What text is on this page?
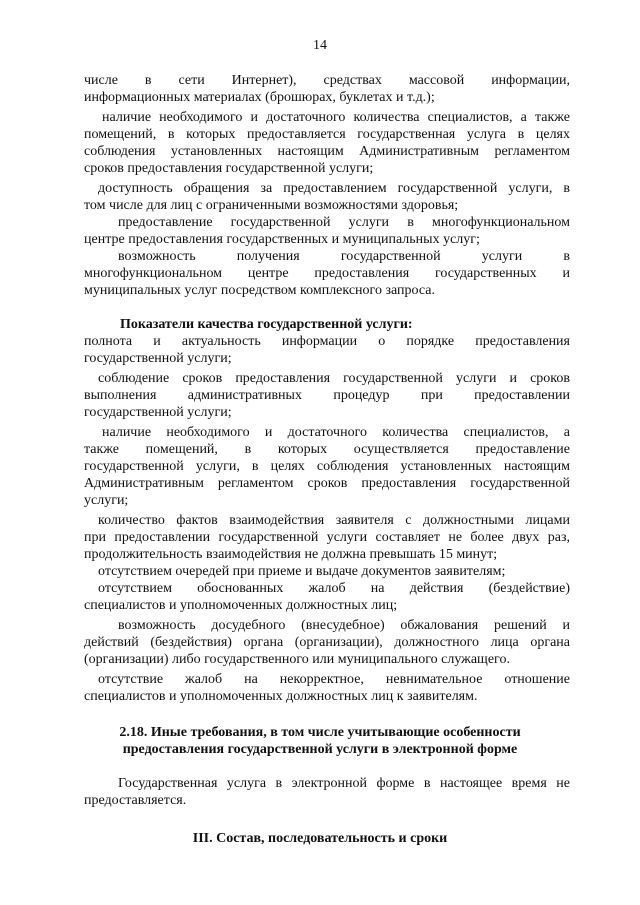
14
числе в сети Интернет), средствах массовой информации,
информационных материалах (брошюрах, буклетах и т.д.);
наличие необходимого и достаточного количества специалистов, а также
помещений, в которых предоставляется государственная услуга в целях
соблюдения установленных настоящим Административным регламентом
сроков предоставления государственной услуги;
доступность обращения за предоставлением государственной услуги, в
том числе для лиц с ограниченными возможностями здоровья;
предоставление государственной услуги в многофункциональном
центре предоставления государственных и муниципальных услуг;
возможность получения государственной услуги в
многофункциональном центре предоставления государственных и
муниципальных услуг посредством комплексного запроса.
Показатели качества государственной услуги:
полнота и актуальность информации о порядке предоставления
государственной услуги;
соблюдение сроков предоставления государственной услуги и сроков
выполнения административных процедур при предоставлении
государственной услуги;
наличие необходимого и достаточного количества специалистов, а
также помещений, в которых осуществляется предоставление
государственной услуги, в целях соблюдения установленных настоящим
Административным регламентом сроков предоставления государственной
услуги;
количество фактов взаимодействия заявителя с должностными лицами
при предоставлении государственной услуги составляет не более двух раз,
продолжительность взаимодействия не должна превышать 15 минут;
отсутствием очередей при приеме и выдаче документов заявителям;
отсутствием обоснованных жалоб на действия (бездействие)
специалистов и уполномоченных должностных лиц;
возможность досудебного (внесудебное) обжалования решений и
действий (бездействия) органа (организации), должностного лица органа
(организации) либо государственного или муниципального служащего.
отсутствие жалоб на некорректное, невнимательное отношение
специалистов и уполномоченных должностных лиц к заявителям.
2.18. Иные требования, в том числе учитывающие особенности
предоставления государственной услуги в электронной форме
Государственная услуга в электронной форме в настоящее время не
предоставляется.
III. Состав, последовательность и сроки
